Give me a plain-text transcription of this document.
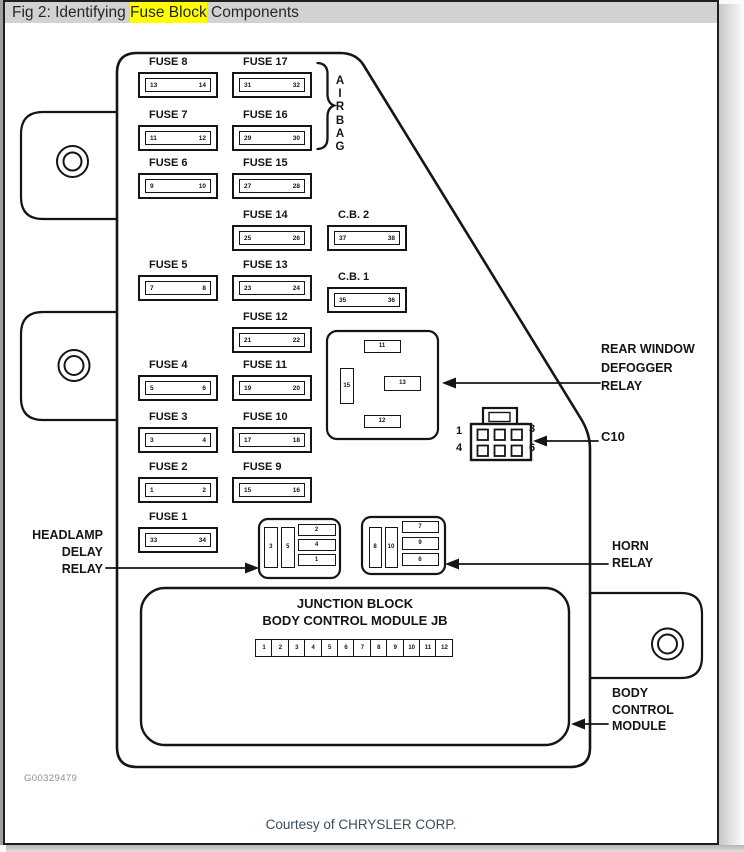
Fig 2: Identifying Fuse Block Components
FUSE 8
13	14
FUSE 17
31	32
FUSE 7
11	12
FUSE 16
29	30
FUSE 6
9	10
FUSE 15
27	28
FUSE 14
25	26
C.B. 2
37	38
FUSE 5
7	8
FUSE 13
23	24
C.B. 1
35	36
FUSE 12
21	22
FUSE 4
5	6
FUSE 11
19	20
FUSE 3
3	4
FUSE 10
17	18
FUSE 2
1	2
FUSE 9
15	16
FUSE 1
33	34
A
I
R
B
A
G
11
15	13
12
3	5
2
4
1
8	10
7
9
6
1	3
4	6
JUNCTION BLOCK
BODY CONTROL MODULE JB
1	2	3	4	5	6	7	8	9	10	11	12
REAR WINDOW
DEFOGGER
RELAY
C10
HEADLAMP
DELAY
RELAY
HORN
RELAY
BODY
CONTROL
MODULE
G00329479
Courtesy of CHRYSLER CORP.
